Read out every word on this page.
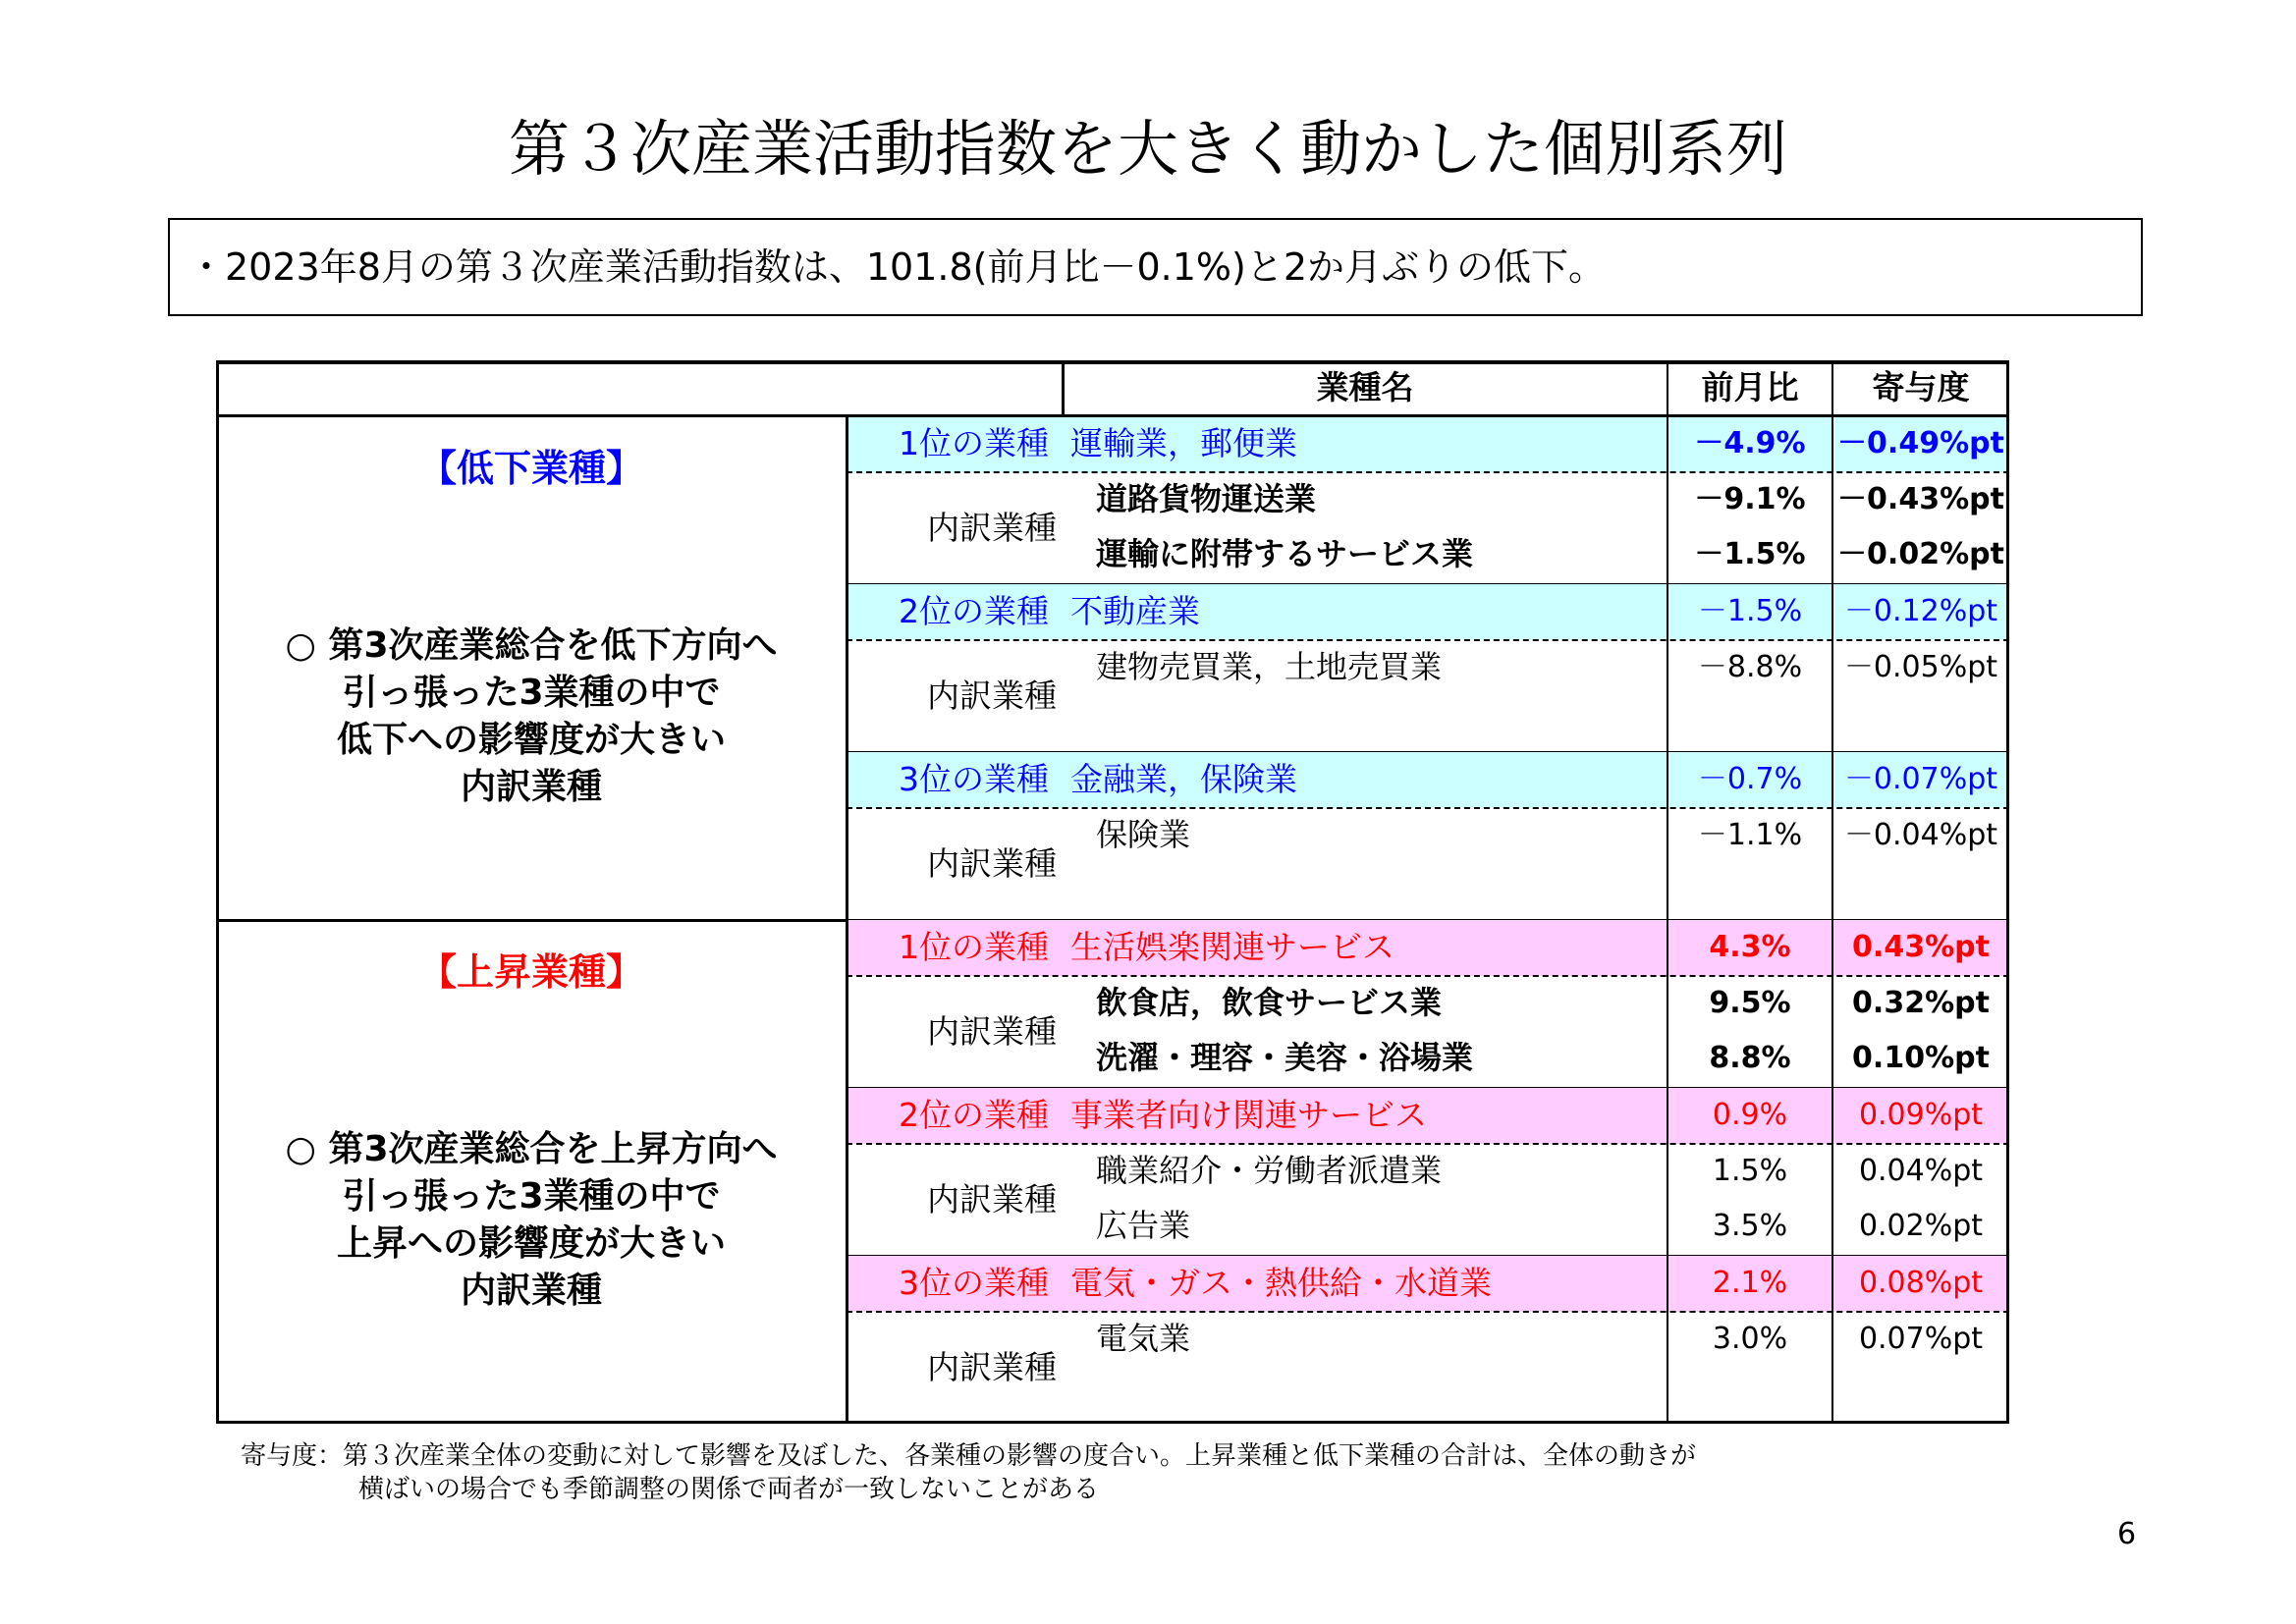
第３次産業活動指数を大きく動かした個別系列
・2023年8月の第３次産業活動指数は、101.8(前月比－0.1%)と2か月ぶりの低下。
業種名	前月比	寄与度
1位の業種 運輸業，郵便業	－4.9%	－0.49%pt
内訳業種
道路貨物運送業	－9.1%	－0.43%pt
運輸に附帯するサービス業	－1.5%	－0.02%pt
2位の業種 不動産業	－1.5%	－0.12%pt
内訳業種
建物売買業，土地売買業	－8.8%	－0.05%pt
3位の業種 金融業，保険業	－0.7%	－0.07%pt
内訳業種
保険業	－1.1%	－0.04%pt
【低下業種】
○ 第3次産業総合を低下方向へ
引っ張った3業種の中で
低下への影響度が大きい
内訳業種
1位の業種 生活娯楽関連サービス	4.3%	0.43%pt
内訳業種
飲食店，飲食サービス業	9.5%	0.32%pt
洗濯・理容・美容・浴場業	8.8%	0.10%pt
2位の業種 事業者向け関連サービス	0.9%	0.09%pt
内訳業種
職業紹介・労働者派遣業	1.5%	0.04%pt
広告業	3.5%	0.02%pt
3位の業種 電気・ガス・熱供給・水道業	2.1%	0.08%pt
内訳業種
電気業	3.0%	0.07%pt
【上昇業種】
○ 第3次産業総合を上昇方向へ
引っ張った3業種の中で
上昇への影響度が大きい
内訳業種
寄与度：第３次産業全体の変動に対して影響を及ぼした、各業種の影響の度合い。上昇業種と低下業種の合計は、全体の動きが
横ばいの場合でも季節調整の関係で両者が一致しないことがある
6
